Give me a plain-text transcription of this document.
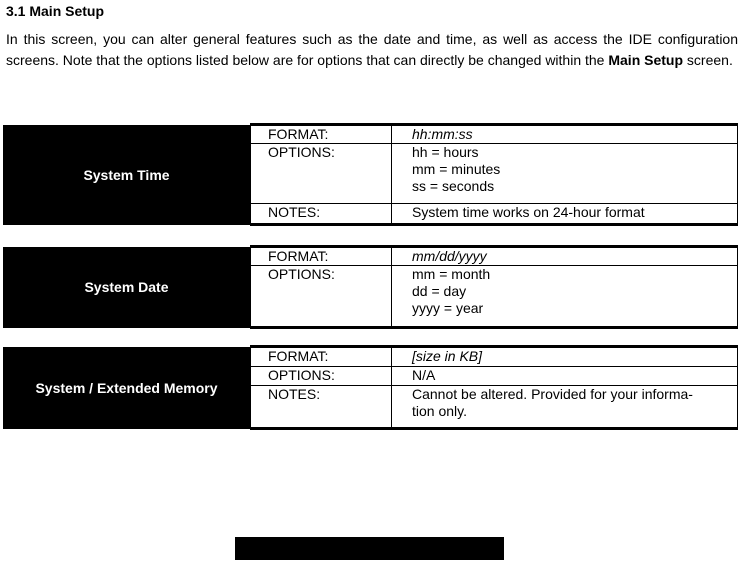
3.1 Main Setup
In this screen, you can alter general features such as the date and time, as well as access the IDE configuration screens. Note that the options listed below are for options that can directly be changed within the Main Setup screen.
System Time	FORMAT:	hh:mm:ss

	OPTIONS:	hh = hours
mm = minutes
ss = seconds

	NOTES:	System time works on 24-hour format
System Date	FORMAT:	mm/dd/yyyy

	OPTIONS:	mm = month
dd = day
yyyy = year
System / Extended Memory	FORMAT:	[size in KB]

	OPTIONS:	N/A

	NOTES:	Cannot be altered. Provided for your informa-
tion only.
